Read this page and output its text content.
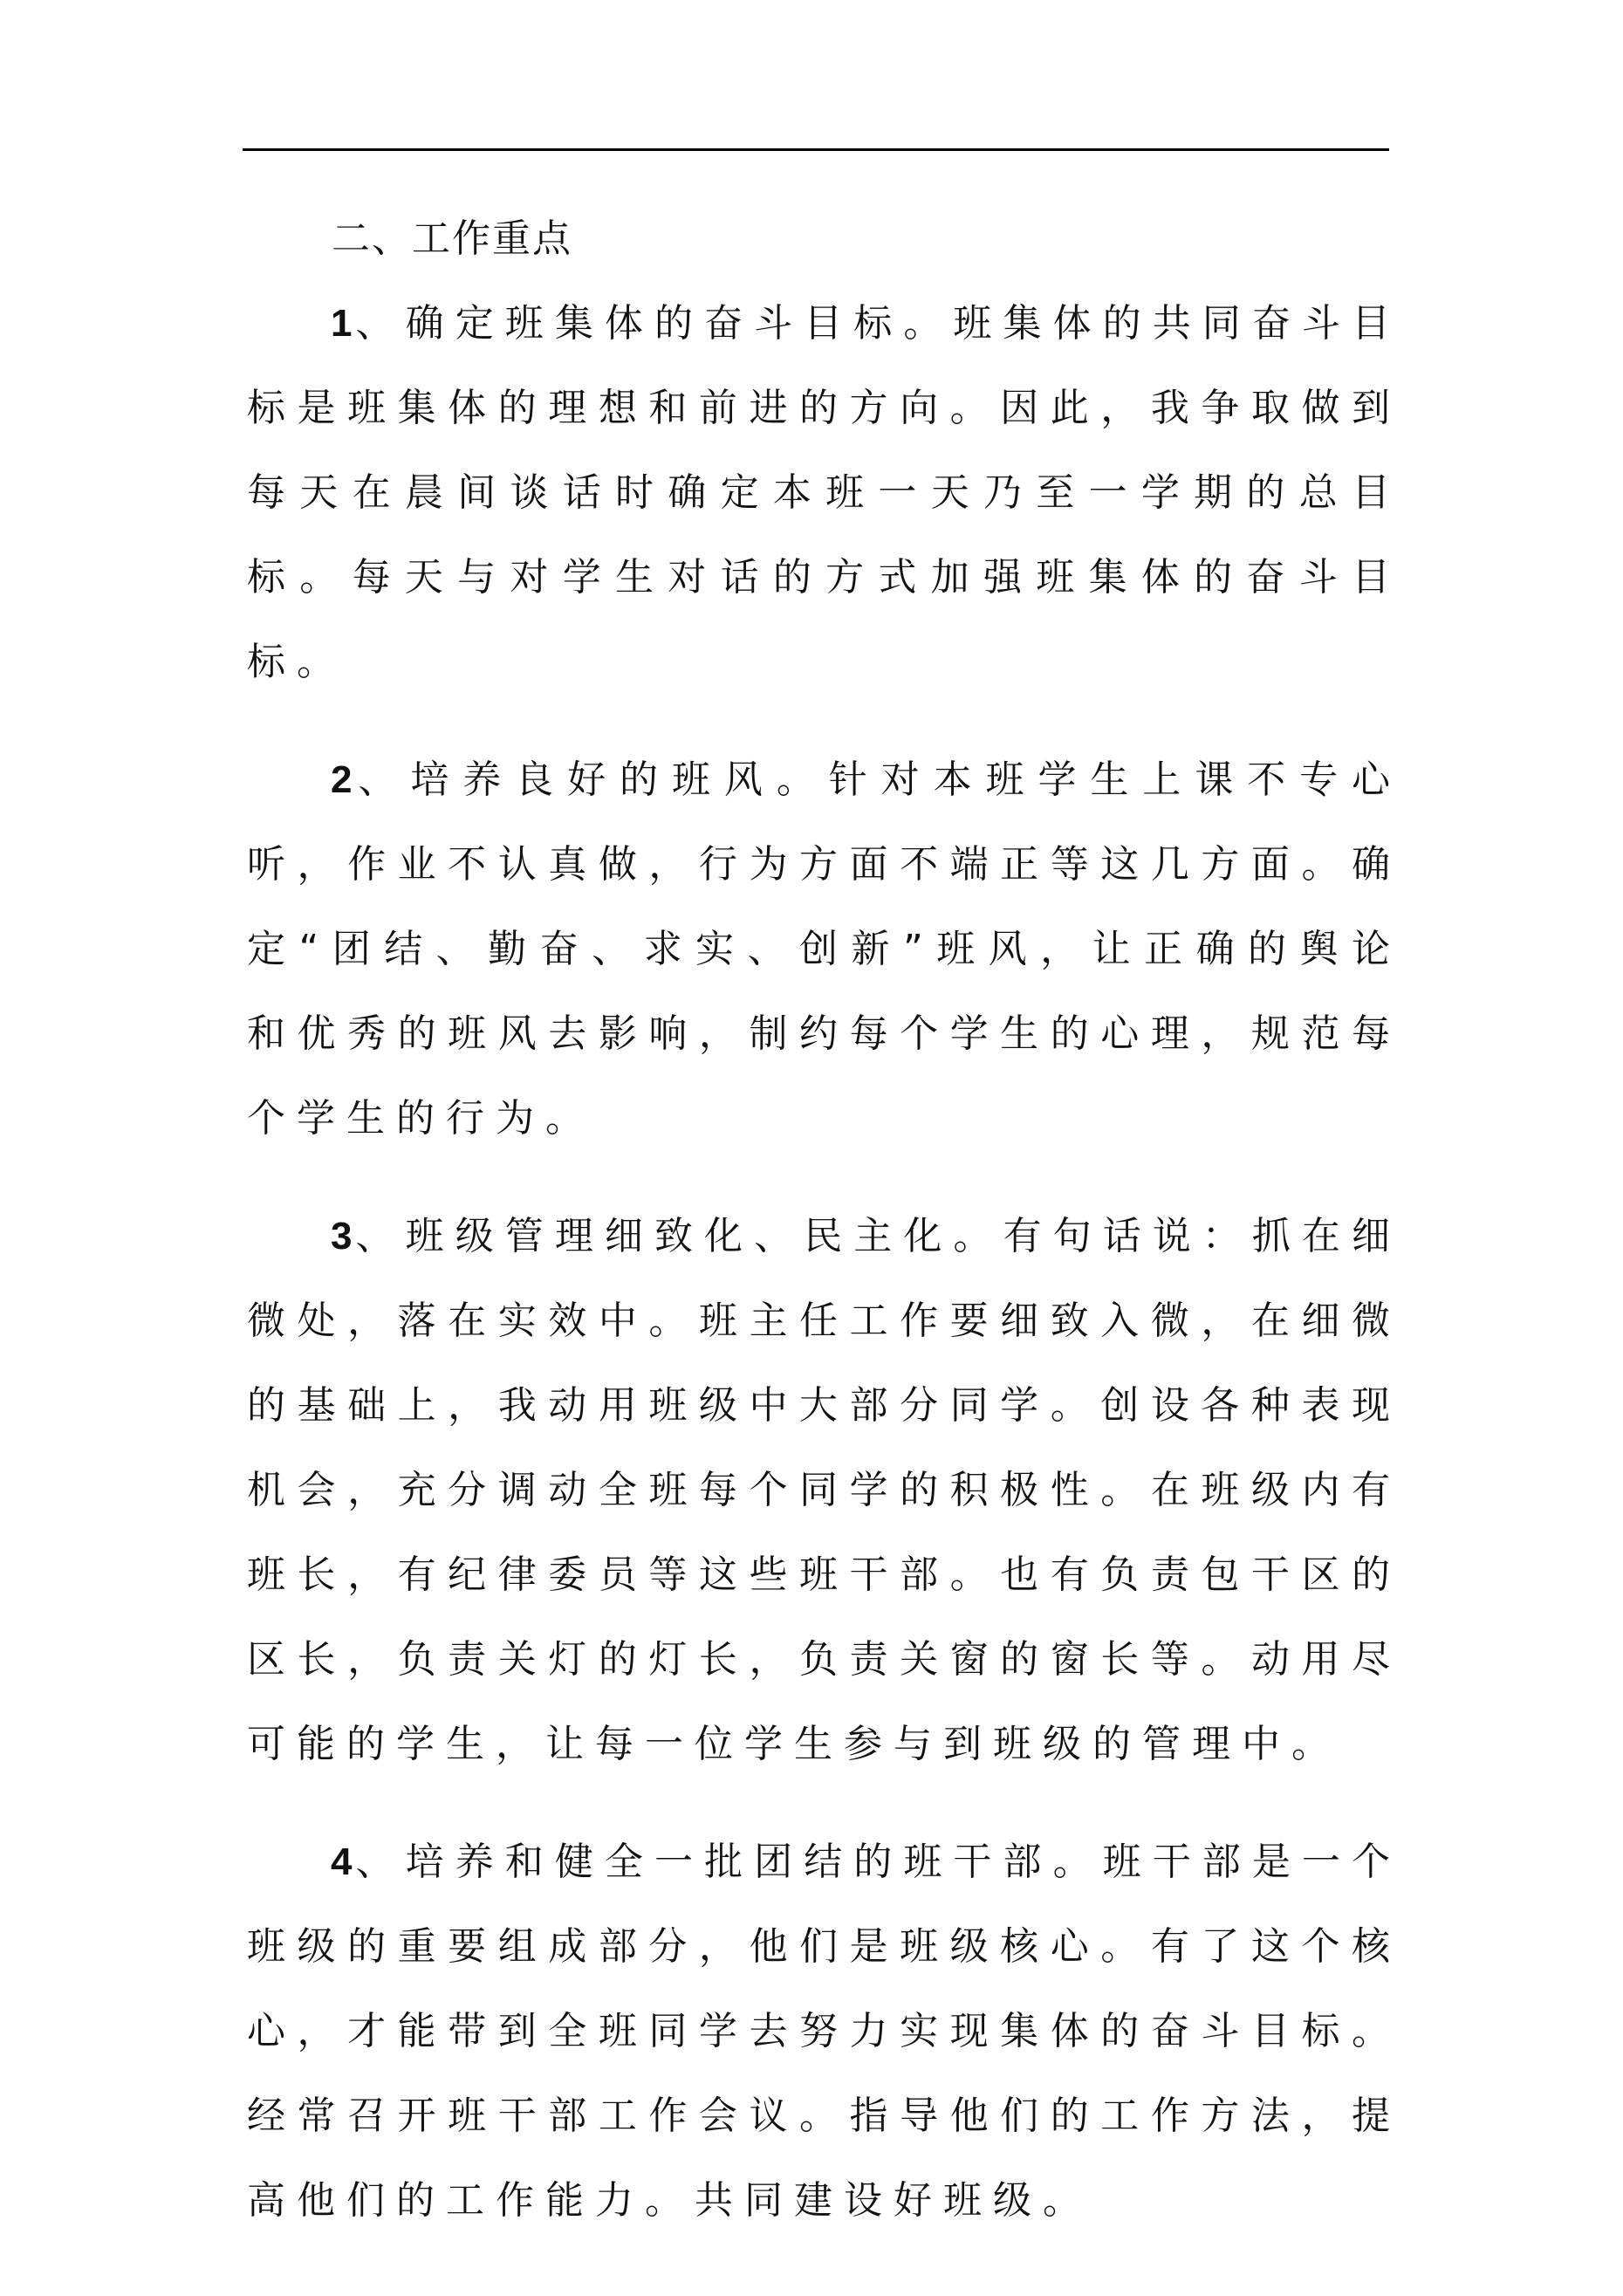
二、工作重点

1、确定班集体的奋斗目标。班集体的共同奋斗目标是班集体的理想和前进的方向。因此，我争取做到每天在晨间谈话时确定本班一天乃至一学期的总目标。每天与对学生对话的方式加强班集体的奋斗目标。

2、培养良好的班风。针对本班学生上课不专心听，作业不认真做，行为方面不端正等这几方面。确定“团结、勤奋、求实、创新”班风，让正确的舆论和优秀的班风去影响，制约每个学生的心理，规范每个学生的行为。

3、班级管理细致化、民主化。有句话说：抓在细微处，落在实效中。班主任工作要细致入微，在细微的基础上，我动用班级中大部分同学。创设各种表现机会，充分调动全班每个同学的积极性。在班级内有班长，有纪律委员等这些班干部。也有负责包干区的区长，负责关灯的灯长，负责关窗的窗长等。动用尽可能的学生，让每一位学生参与到班级的管理中。

4、培养和健全一批团结的班干部。班干部是一个班级的重要组成部分，他们是班级核心。有了这个核心，才能带到全班同学去努力实现集体的奋斗目标。经常召开班干部工作会议。指导他们的工作方法，提高他们的工作能力。共同建设好班级。
